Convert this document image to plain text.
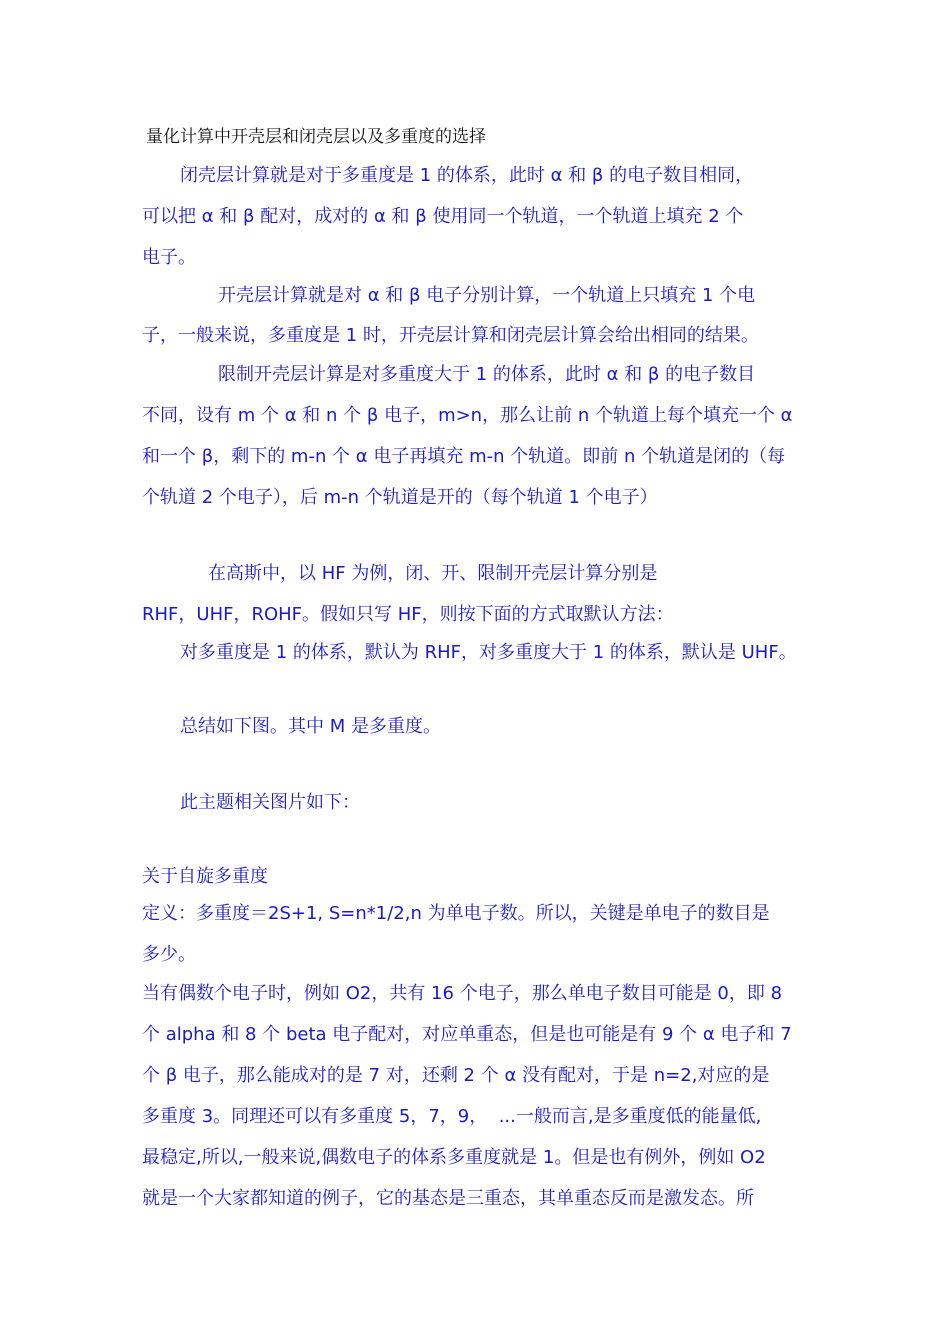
量化计算中开壳层和闭壳层以及多重度的选择
闭壳层计算就是对于多重度是 1 的体系，此时 α 和 β 的电子数目相同，
可以把 α 和 β 配对，成对的 α 和 β 使用同一个轨道，一个轨道上填充 2 个
电子。
开壳层计算就是对 α 和 β 电子分别计算，一个轨道上只填充 1 个电
子，一般来说，多重度是 1 时，开壳层计算和闭壳层计算会给出相同的结果。
限制开壳层计算是对多重度大于 1 的体系，此时 α 和 β 的电子数目
不同，设有 m 个 α 和 n 个 β 电子，m>n，那么让前 n 个轨道上每个填充一个 α
和一个 β，剩下的 m-n 个 α 电子再填充 m-n 个轨道。即前 n 个轨道是闭的（每
个轨道 2 个电子），后 m-n 个轨道是开的（每个轨道 1 个电子）
在高斯中，以 HF 为例，闭、开、限制开壳层计算分别是
RHF，UHF，ROHF。假如只写 HF，则按下面的方式取默认方法：
对多重度是 1 的体系，默认为 RHF，对多重度大于 1 的体系，默认是 UHF。
总结如下图。其中 M 是多重度。
此主题相关图片如下：
关于自旋多重度
定义：多重度＝2S+1, S=n*1/2,n 为单电子数。所以，关键是单电子的数目是
多少。
当有偶数个电子时，例如 O2，共有 16 个电子，那么单电子数目可能是 0，即 8
个 alpha 和 8 个 beta 电子配对，对应单重态，但是也可能是有 9 个 α 电子和 7
个 β 电子，那么能成对的是 7 对，还剩 2 个 α 没有配对，于是 n=2,对应的是
多重度 3。同理还可以有多重度 5，7，9，  ...一般而言,是多重度低的能量低,
最稳定,所以,一般来说,偶数电子的体系多重度就是 1。但是也有例外，例如 O2
就是一个大家都知道的例子，它的基态是三重态，其单重态反而是激发态。所
